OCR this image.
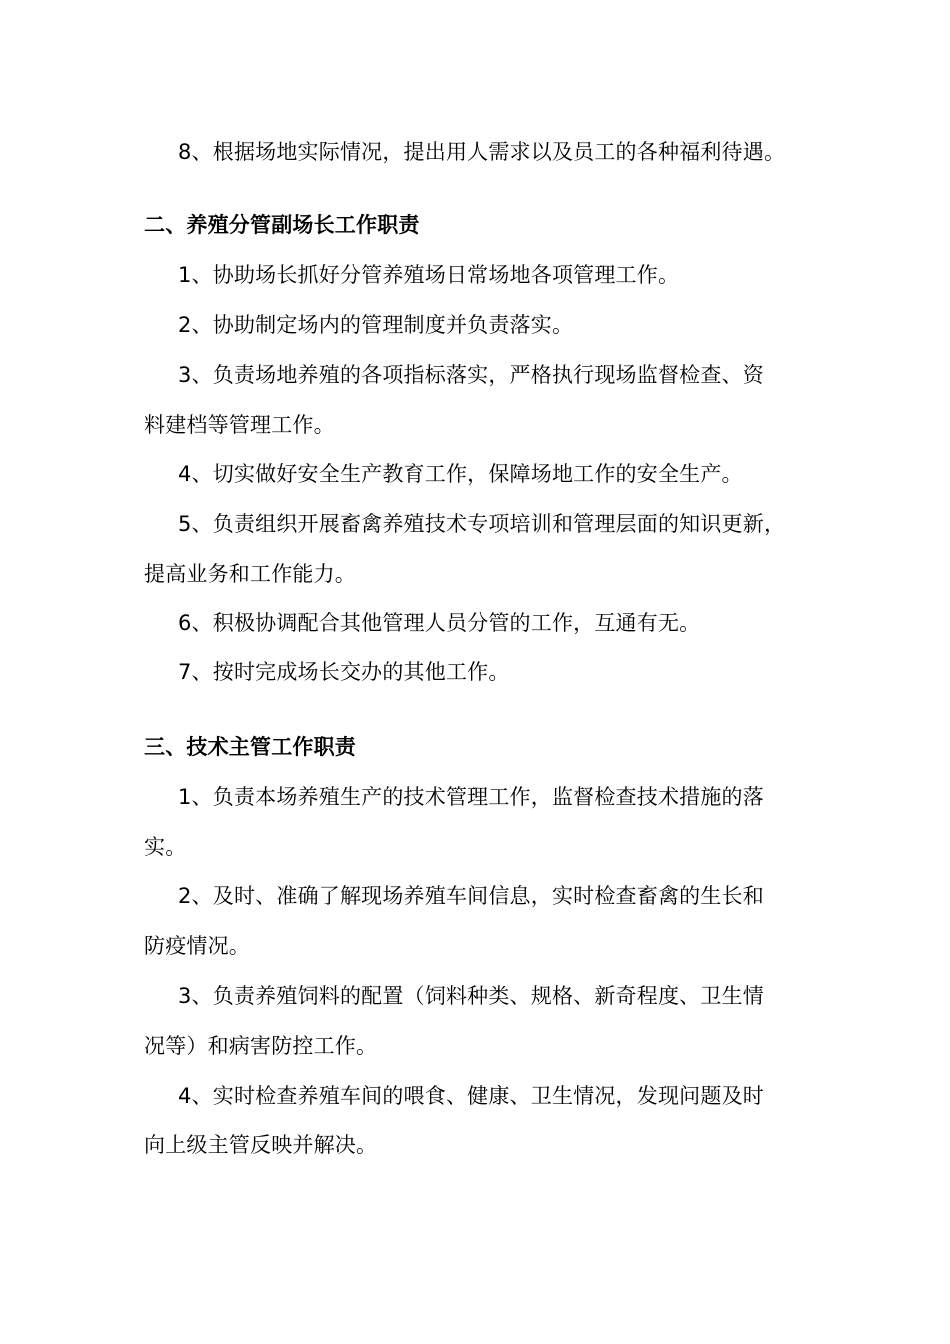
8、根据场地实际情况，提出用人需求以及员工的各种福利待遇。
二、养殖分管副场长工作职责
1、协助场长抓好分管养殖场日常场地各项管理工作。
2、协助制定场内的管理制度并负责落实。
3、负责场地养殖的各项指标落实，严格执行现场监督检查、资
料建档等管理工作。
4、切实做好安全生产教育工作，保障场地工作的安全生产。
5、负责组织开展畜禽养殖技术专项培训和管理层面的知识更新，
提高业务和工作能力。
6、积极协调配合其他管理人员分管的工作，互通有无。
7、按时完成场长交办的其他工作。
三、技术主管工作职责
1、负责本场养殖生产的技术管理工作，监督检查技术措施的落
实。
2、及时、准确了解现场养殖车间信息，实时检查畜禽的生长和
防疫情况。
3、负责养殖饲料的配置（饲料种类、规格、新奇程度、卫生情
况等）和病害防控工作。
4、实时检查养殖车间的喂食、健康、卫生情况，发现问题及时
向上级主管反映并解决。
